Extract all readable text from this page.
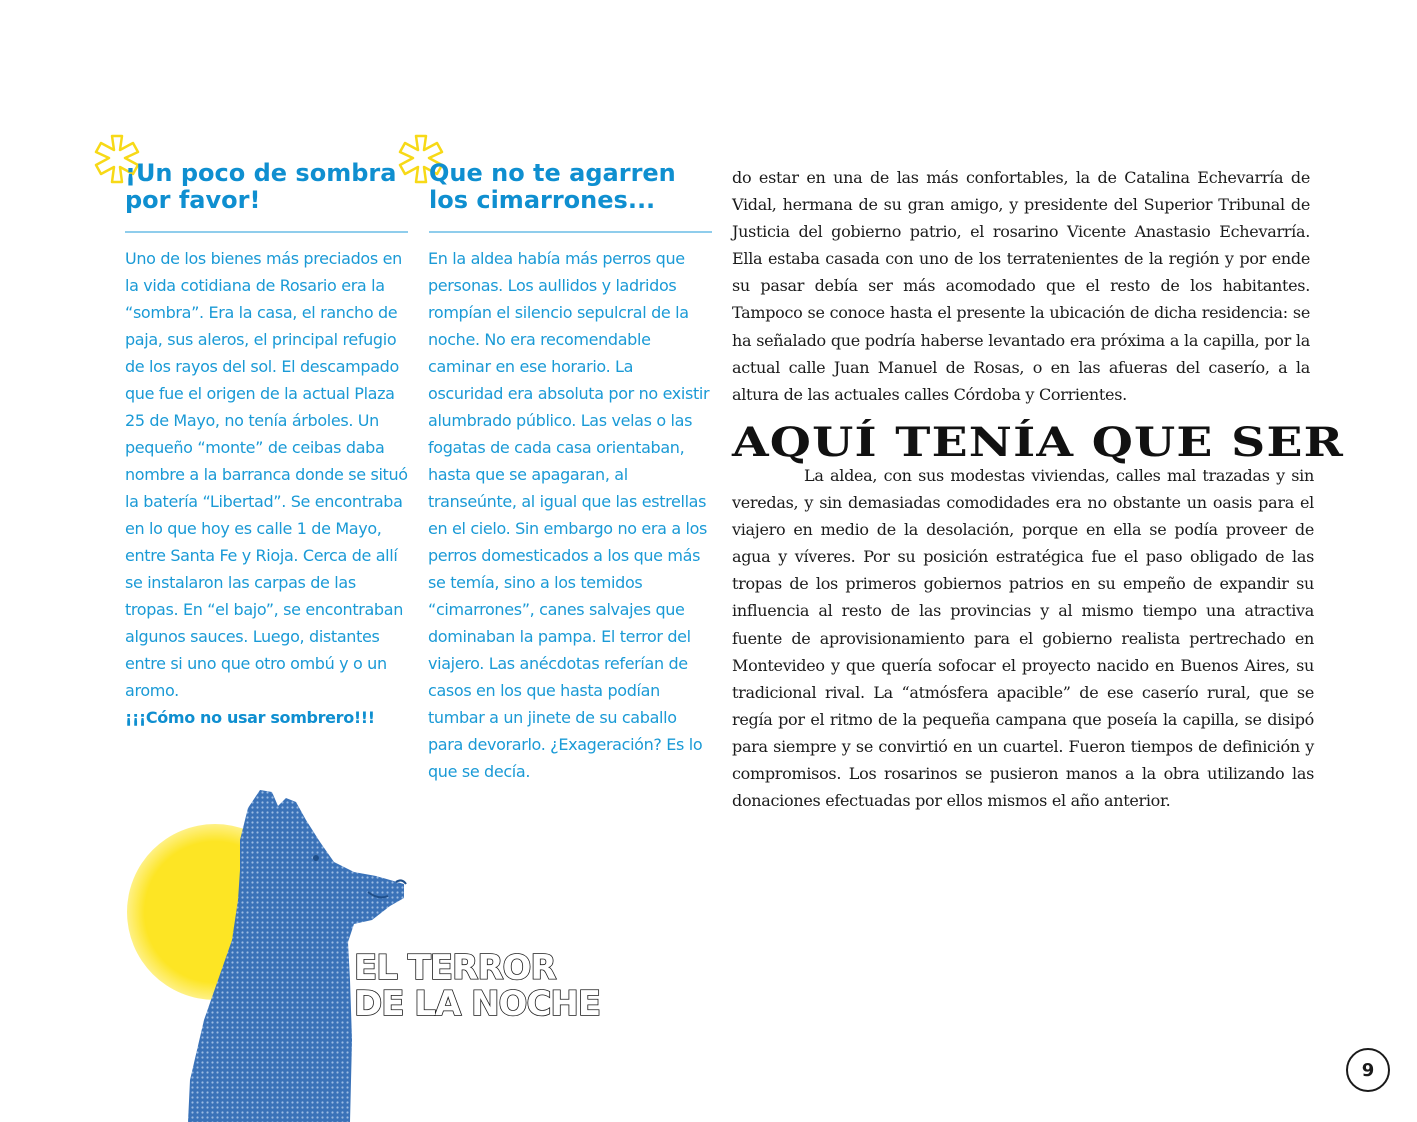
¡Un poco de sombra
por favor!

Uno de los bienes más preciados en la vida cotidiana de Rosario era la “sombra”. Era la casa, el rancho de paja, sus aleros, el principal refugio de los rayos del sol. El descampado que fue el origen de la actual Plaza 25 de Mayo, no tenía árboles. Un pequeño “monte” de ceibas daba nombre a la barranca donde se situó la batería “Libertad”. Se encontraba en lo que hoy es calle 1 de Mayo, entre Santa Fe y Rioja. Cerca de allí se instalaron las carpas de las tropas. En “el bajo”, se encontraban algunos sauces. Luego, distantes entre si uno que otro ombú y o un aromo.

¡¡¡Cómo no usar sombrero!!!

Que no te agarren
los cimarrones...

En la aldea había más perros que personas. Los aullidos y ladridos rompían el silencio sepulcral de la noche. No era recomendable caminar en ese horario. La oscuridad era absoluta por no existir alumbrado público. Las velas o las fogatas de cada casa orientaban, hasta que se apagaran, al transeúnte, al igual que las estrellas en el cielo. Sin embargo no era a los perros domesticados a los que más se temía, sino a los temidos “cimarrones”, canes salvajes que dominaban la pampa. El terror del viajero. Las anécdotas referían de casos en los que hasta podían tumbar a un jinete de su caballo para devorarlo. ¿Exageración? Es lo que se decía.

do estar en una de las más confortables, la de Catalina Echevarría de Vidal, hermana de su gran amigo, y presidente del Superior Tribunal de Justicia del gobierno patrio, el rosarino Vicente Anastasio Echevarría. Ella estaba casada con uno de los terratenientes de la región y por ende su pasar debía ser más acomodado que el resto de los habitantes. Tampoco se conoce hasta el presente la ubicación de dicha residencia: se ha señalado que podría haberse levantado era próxima a la capilla, por la actual calle Juan Manuel de Rosas, o en las afueras del caserío, a la altura de las actuales calles Córdoba y Corrientes.

AQUÍ TENÍA QUE SER

La aldea, con sus modestas viviendas, calles mal trazadas y sin veredas, y sin demasiadas comodidades era no obstante un oasis para el viajero en medio de la desolación, porque en ella se podía proveer de agua y víveres. Por su posición estratégica fue el paso obligado de las tropas de los primeros gobiernos patrios en su empeño de expandir su influencia al resto de las provincias y al mismo tiempo una atractiva fuente de aprovisionamiento para el gobierno realista pertrechado en Montevideo y que quería sofocar el proyecto nacido en Buenos Aires, su tradicional rival. La “atmósfera apacible” de ese caserío rural, que se regía por el ritmo de la pequeña campana que poseía la capilla, se disipó para siempre y se convirtió en un cuartel. Fueron tiempos de definición y compromisos. Los rosarinos se pusieron manos a la obra utilizando las donaciones efectuadas por ellos mismos el año anterior.

EL TERROR
DE LA NOCHE
9
